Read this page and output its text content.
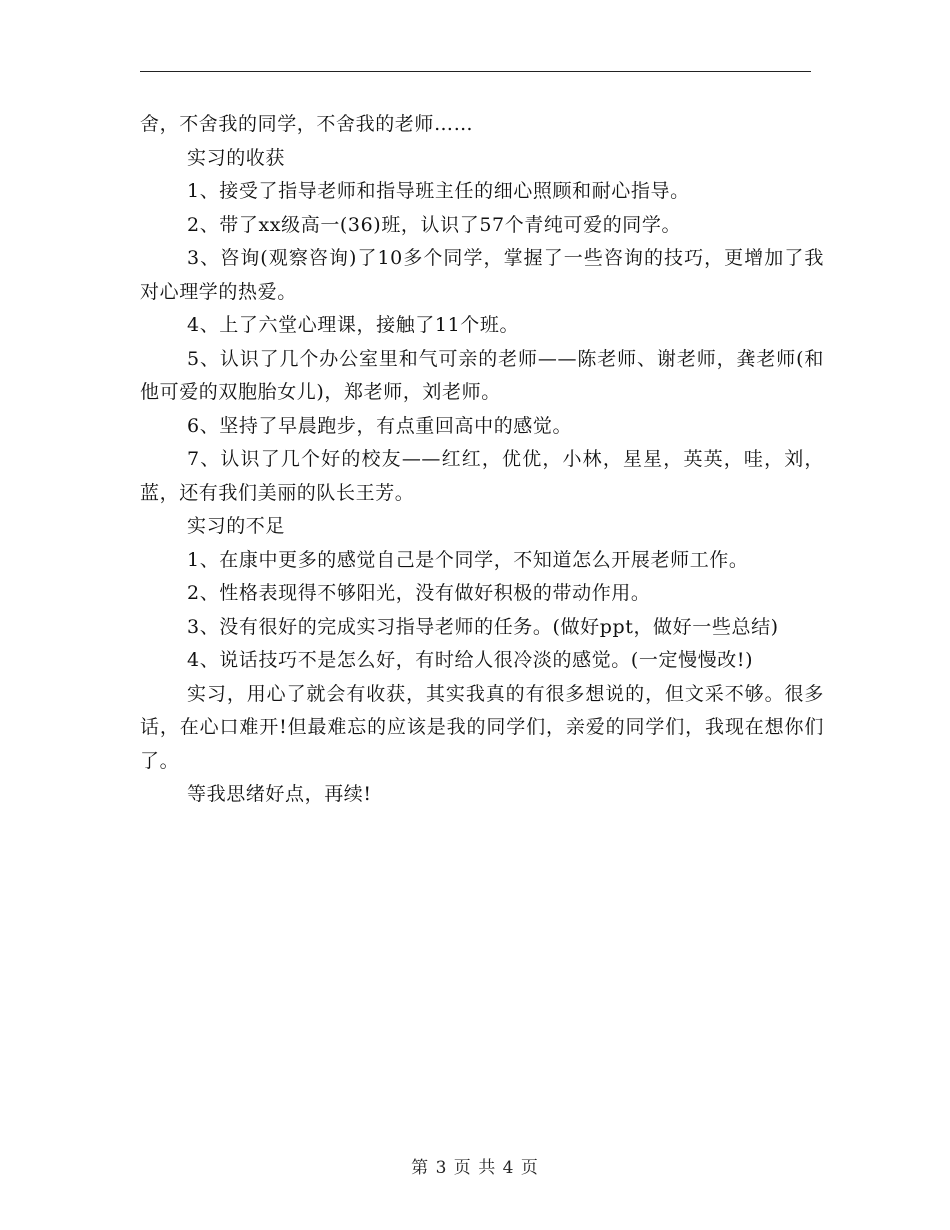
舍，不舍我的同学，不舍我的老师……

实习的收获

1、接受了指导老师和指导班主任的细心照顾和耐心指导。

2、带了xx级高一(36)班，认识了57个青纯可爱的同学。

3、咨询(观察咨询)了10多个同学，掌握了一些咨询的技巧，更增加了我对心理学的热爱。

4、上了六堂心理课，接触了11个班。

5、认识了几个办公室里和气可亲的老师——陈老师、谢老师，龚老师(和他可爱的双胞胎女儿)，郑老师，刘老师。

6、坚持了早晨跑步，有点重回高中的感觉。

7、认识了几个好的校友——红红，优优，小林，星星，英英，哇，刘，蓝，还有我们美丽的队长王芳。

实习的不足

1、在康中更多的感觉自己是个同学，不知道怎么开展老师工作。

2、性格表现得不够阳光，没有做好积极的带动作用。

3、没有很好的完成实习指导老师的任务。(做好ppt，做好一些总结)

4、说话技巧不是怎么好，有时给人很冷淡的感觉。(一定慢慢改!)

实习，用心了就会有收获，其实我真的有很多想说的，但文采不够。很多话，在心口难开!但最难忘的应该是我的同学们，亲爱的同学们，我现在想你们了。

等我思绪好点，再续!

第 3 页 共 4 页
